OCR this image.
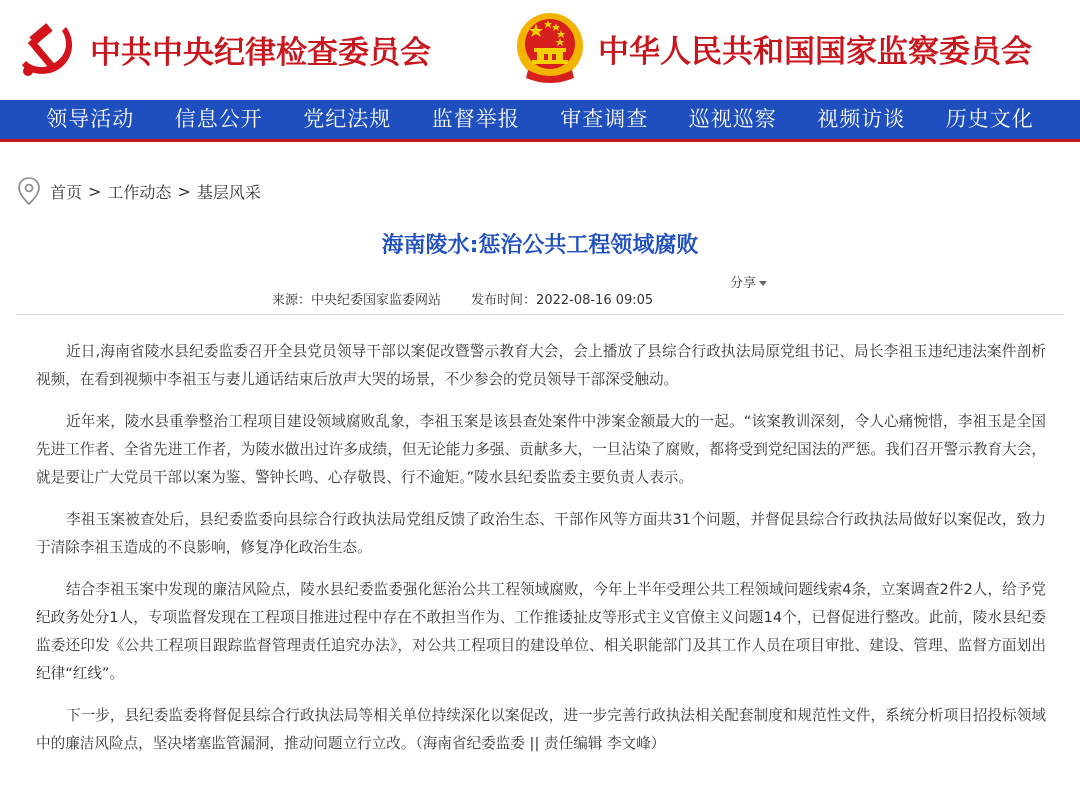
中共中央纪律检查委员会	中华人民共和国国家监察委员会
领导活动	信息公开	党纪法规	监督举报	审查调查	巡视巡察	视频访谈	历史文化
首页 > 工作动态 > 基层风采
海南陵水:惩治公共工程领域腐败
分享
来源：中央纪委国家监委网站 发布时间：2022-08-16 09:05

近日,海南省陵水县纪委监委召开全县党员领导干部以案促改暨警示教育大会，会上播放了县综合行政执法局原党组书记、局长李祖玉违纪违法案件剖析视频，在看到视频中李祖玉与妻儿通话结束后放声大哭的场景，不少参会的党员领导干部深受触动。

近年来，陵水县重拳整治工程项目建设领域腐败乱象，李祖玉案是该县查处案件中涉案金额最大的一起。“该案教训深刻，令人心痛惋惜，李祖玉是全国先进工作者、全省先进工作者，为陵水做出过许多成绩，但无论能力多强、贡献多大，一旦沾染了腐败，都将受到党纪国法的严惩。我们召开警示教育大会，就是要让广大党员干部以案为鉴、警钟长鸣、心存敬畏、行不逾矩。”陵水县纪委监委主要负责人表示。

李祖玉案被查处后，县纪委监委向县综合行政执法局党组反馈了政治生态、干部作风等方面共31个问题，并督促县综合行政执法局做好以案促改，致力于清除李祖玉造成的不良影响，修复净化政治生态。

结合李祖玉案中发现的廉洁风险点，陵水县纪委监委强化惩治公共工程领域腐败，今年上半年受理公共工程领域问题线索4条，立案调查2件2人，给予党纪政务处分1人，专项监督发现在工程项目推进过程中存在不敢担当作为、工作推诿扯皮等形式主义官僚主义问题14个，已督促进行整改。此前，陵水县纪委监委还印发《公共工程项目跟踪监督管理责任追究办法》，对公共工程项目的建设单位、相关职能部门及其工作人员在项目审批、建设、管理、监督方面划出纪律“红线”。

下一步，县纪委监委将督促县综合行政执法局等相关单位持续深化以案促改，进一步完善行政执法相关配套制度和规范性文件，系统分析项目招投标领域中的廉洁风险点，坚决堵塞监管漏洞，推动问题立行立改。（海南省纪委监委 || 责任编辑 李文峰）
